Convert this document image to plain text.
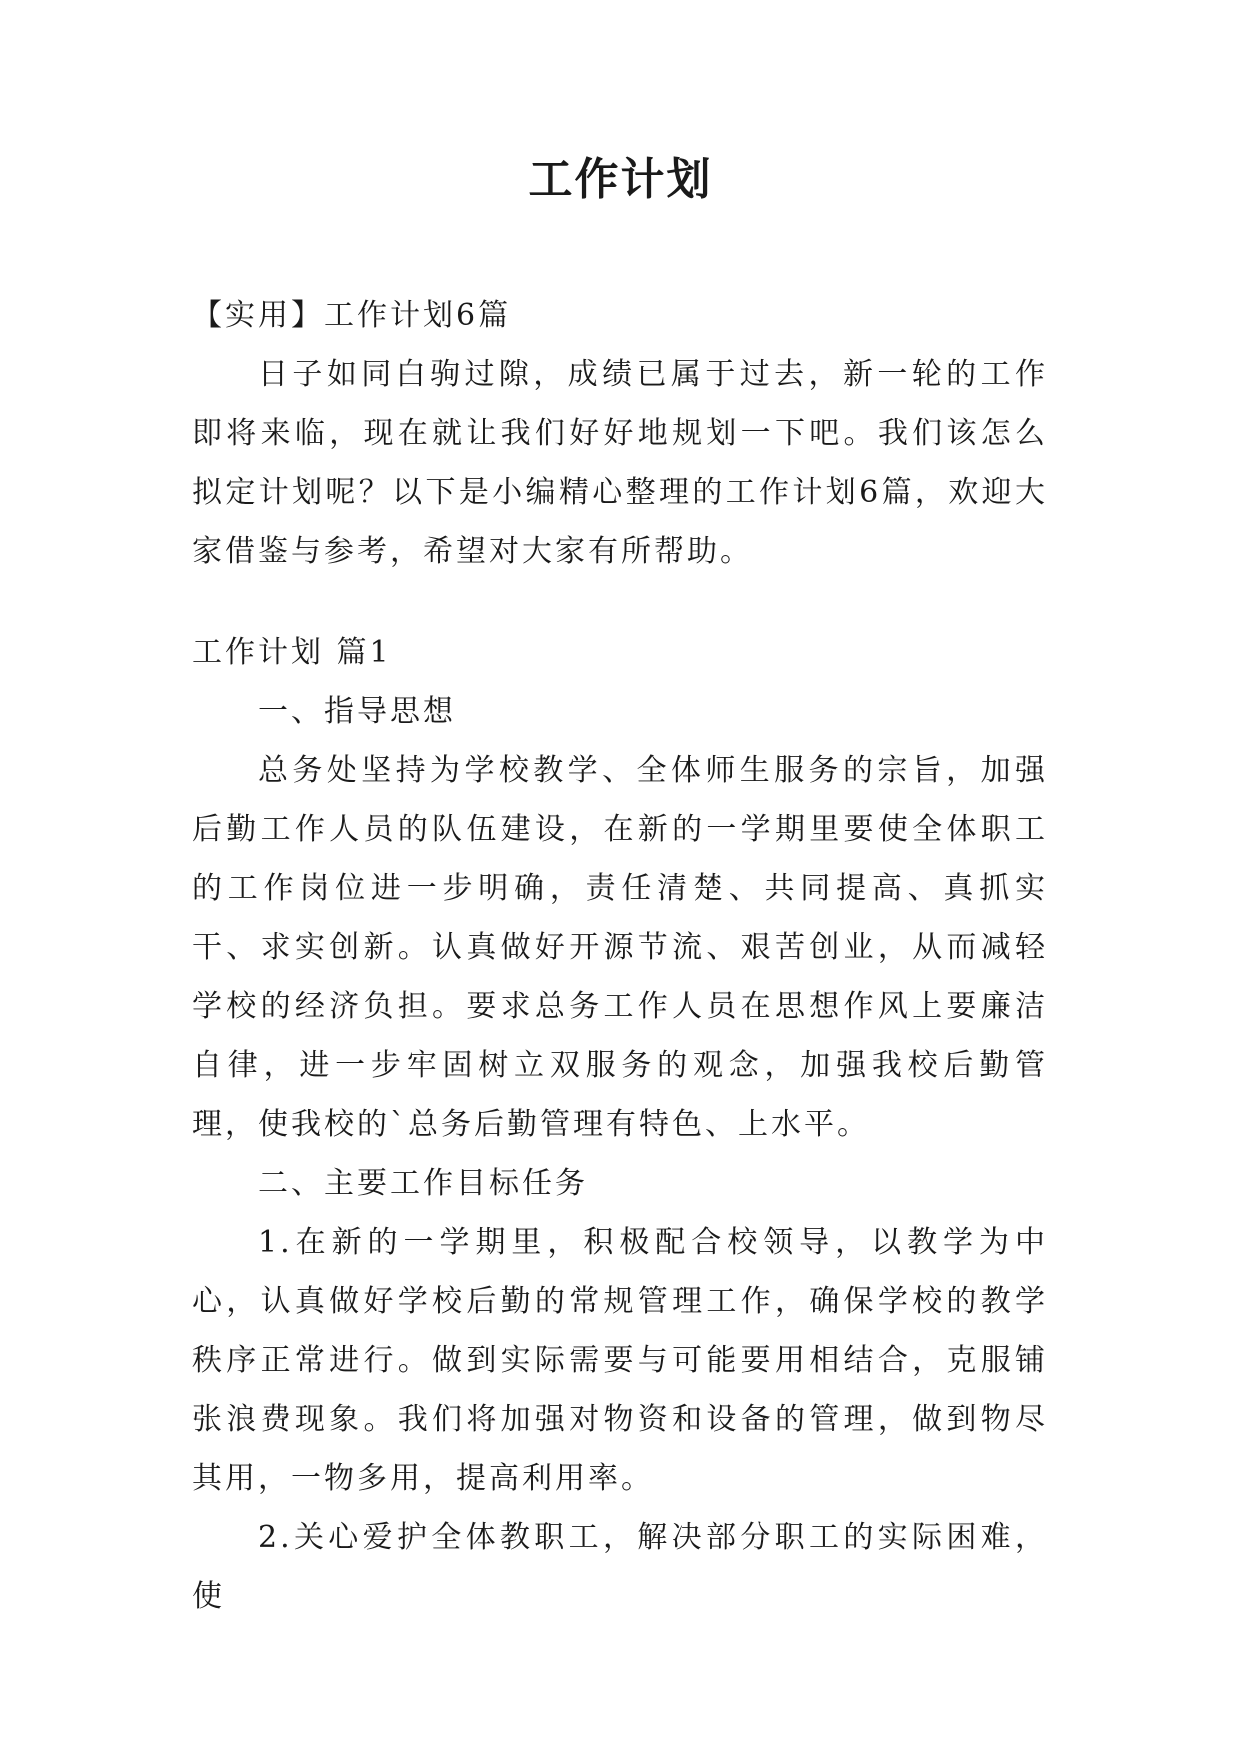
工作计划

【实用】工作计划6篇

日子如同白驹过隙，成绩已属于过去，新一轮的工作即将来临，现在就让我们好好地规划一下吧。我们该怎么拟定计划呢？以下是小编精心整理的工作计划6篇，欢迎大家借鉴与参考，希望对大家有所帮助。

工作计划 篇1

一、指导思想

总务处坚持为学校教学、全体师生服务的宗旨，加强后勤工作人员的队伍建设，在新的一学期里要使全体职工的工作岗位进一步明确，责任清楚、共同提高、真抓实干、求实创新。认真做好开源节流、艰苦创业，从而减轻学校的经济负担。要求总务工作人员在思想作风上要廉洁自律，进一步牢固树立双服务的观念，加强我校后勤管理，使我校的`总务后勤管理有特色、上水平。

二、主要工作目标任务

1.在新的一学期里，积极配合校领导，以教学为中心，认真做好学校后勤的常规管理工作，确保学校的教学秩序正常进行。做到实际需要与可能要用相结合，克服铺张浪费现象。我们将加强对物资和设备的管理，做到物尽其用，一物多用，提高利用率。

2.关心爱护全体教职工，解决部分职工的实际困难，使
